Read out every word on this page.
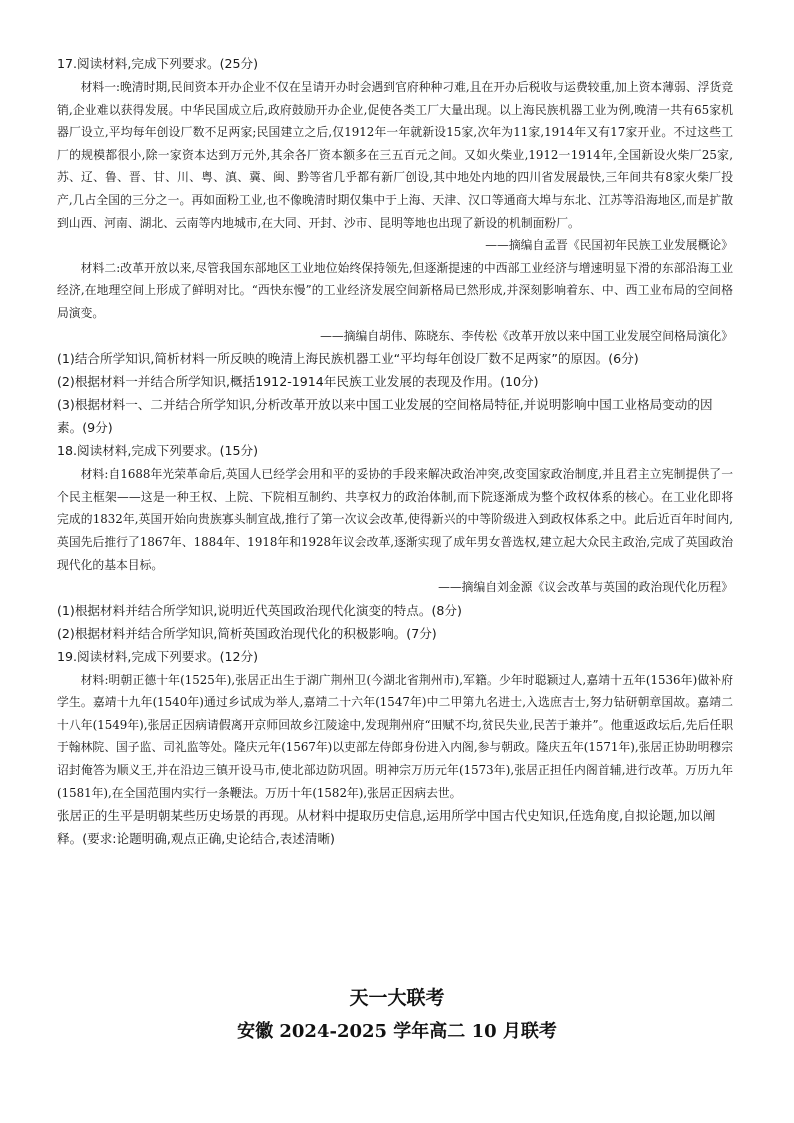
17.阅读材料,完成下列要求。(25分)

材料一:晚清时期,民间资本开办企业不仅在呈请开办时会遇到官府种种刁难,且在开办后税收与运费较重,加上资本薄弱、浮货竞销,企业难以获得发展。中华民国成立后,政府鼓励开办企业,促使各类工厂大量出现。以上海民族机器工业为例,晚清一共有65家机器厂设立,平均每年创设厂数不足两家;民国建立之后,仅1912年一年就新设15家,次年为11家,1914年又有17家开业。不过这些工厂的规模都很小,除一家资本达到万元外,其余各厂资本额多在三五百元之间。又如火柴业,1912一1914年,全国新设火柴厂25家,苏、辽、鲁、晋、甘、川、粤、滇、冀、闽、黔等省几乎都有新厂创设,其中地处内地的四川省发展最快,三年间共有8家火柴厂投产,几占全国的三分之一。再如面粉工业,也不像晚清时期仅集中于上海、天津、汉口等通商大埠与东北、江苏等沿海地区,而是扩散到山西、河南、湖北、云南等内地城市,在大同、开封、沙市、昆明等地也出现了新设的机制面粉厂。

——摘编自孟晋《民国初年民族工业发展概论》

材料二:改革开放以来,尽管我国东部地区工业地位始终保持领先,但逐渐提速的中西部工业经济与增速明显下滑的东部沿海工业经济,在地理空间上形成了鲜明对比。“西快东慢”的工业经济发展空间新格局已然形成,并深刻影响着东、中、西工业布局的空间格局演变。

——摘编自胡伟、陈晓东、李传松《改革开放以来中国工业发展空间格局演化》

(1)结合所学知识,简析材料一所反映的晚清上海民族机器工业“平均每年创设厂数不足两家”的原因。(6分)

(2)根据材料一并结合所学知识,概括1912-1914年民族工业发展的表现及作用。(10分)

(3)根据材料一、二并结合所学知识,分析改革开放以来中国工业发展的空间格局特征,并说明影响中国工业格局变动的因素。(9分)

18.阅读材料,完成下列要求。(15分)

材料:自1688年光荣革命后,英国人已经学会用和平的妥协的手段来解决政治冲突,改变国家政治制度,并且君主立宪制提供了一个民主框架——这是一种王权、上院、下院相互制约、共享权力的政治体制,而下院逐渐成为整个政权体系的核心。在工业化即将完成的1832年,英国开始向贵族寡头制宣战,推行了第一次议会改革,使得新兴的中等阶级进入到政权体系之中。此后近百年时间内,英国先后推行了1867年、1884年、1918年和1928年议会改革,逐渐实现了成年男女普选权,建立起大众民主政治,完成了英国政治现代化的基本目标。

——摘编自刘金源《议会改革与英国的政治现代化历程》

(1)根据材料并结合所学知识,说明近代英国政治现代化演变的特点。(8分)

(2)根据材料并结合所学知识,简析英国政治现代化的积极影响。(7分)

19.阅读材料,完成下列要求。(12分)

材料:明朝正德十年(1525年),张居正出生于湖广荆州卫(今湖北省荆州市),军籍。少年时聪颖过人,嘉靖十五年(1536年)做补府学生。嘉靖十九年(1540年)通过乡试成为举人,嘉靖二十六年(1547年)中二甲第九名进士,入选庶吉士,努力钻研朝章国故。嘉靖二十八年(1549年),张居正因病请假离开京师回故乡江陵途中,发现荆州府“田赋不均,贫民失业,民苦于兼并”。他重返政坛后,先后任职于翰林院、国子监、司礼监等处。隆庆元年(1567年)以吏部左侍郎身份进入内阁,参与朝政。隆庆五年(1571年),张居正协助明穆宗诏封俺答为顺义王,并在沿边三镇开设马市,使北部边防巩固。明神宗万历元年(1573年),张居正担任内阁首辅,进行改革。万历九年(1581年),在全国范围内实行一条鞭法。万历十年(1582年),张居正因病去世。

张居正的生平是明朝某些历史场景的再现。从材料中提取历史信息,运用所学中国古代史知识,任选角度,自拟论题,加以阐释。(要求:论题明确,观点正确,史论结合,表述清晰)

天一大联考
安徽 2024-2025 学年高二 10 月联考
